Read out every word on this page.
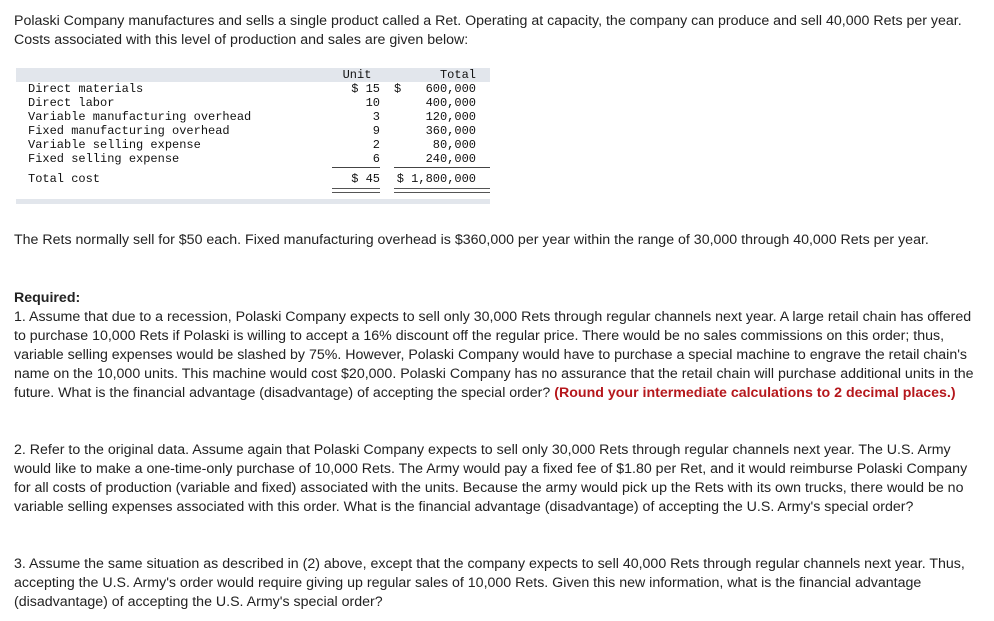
Polaski Company manufactures and sells a single product called a Ret. Operating at capacity, the company can produce and sell 40,000 Rets per year. Costs associated with this level of production and sales are given below:

Unit	Total
Direct materials	$ 15 $	600,000
Direct labor	10	400,000
Variable manufacturing overhead	3	120,000
Fixed manufacturing overhead	9	360,000
Variable selling expense	2	80,000
Fixed selling expense	6	240,000
Total cost	$ 45 $ 1,800,000

The Rets normally sell for $50 each. Fixed manufacturing overhead is $360,000 per year within the range of 30,000 through 40,000 Rets per year.

Required:
1. Assume that due to a recession, Polaski Company expects to sell only 30,000 Rets through regular channels next year. A large retail chain has offered to purchase 10,000 Rets if Polaski is willing to accept a 16% discount off the regular price. There would be no sales commissions on this order; thus, variable selling expenses would be slashed by 75%. However, Polaski Company would have to purchase a special machine to engrave the retail chain's name on the 10,000 units. This machine would cost $20,000. Polaski Company has no assurance that the retail chain will purchase additional units in the future. What is the financial advantage (disadvantage) of accepting the special order? (Round your intermediate calculations to 2 decimal places.)

2. Refer to the original data. Assume again that Polaski Company expects to sell only 30,000 Rets through regular channels next year. The U.S. Army would like to make a one-time-only purchase of 10,000 Rets. The Army would pay a fixed fee of $1.80 per Ret, and it would reimburse Polaski Company for all costs of production (variable and fixed) associated with the units. Because the army would pick up the Rets with its own trucks, there would be no variable selling expenses associated with this order. What is the financial advantage (disadvantage) of accepting the U.S. Army's special order?

3. Assume the same situation as described in (2) above, except that the company expects to sell 40,000 Rets through regular channels next year. Thus, accepting the U.S. Army's order would require giving up regular sales of 10,000 Rets. Given this new information, what is the financial advantage (disadvantage) of accepting the U.S. Army's special order?
